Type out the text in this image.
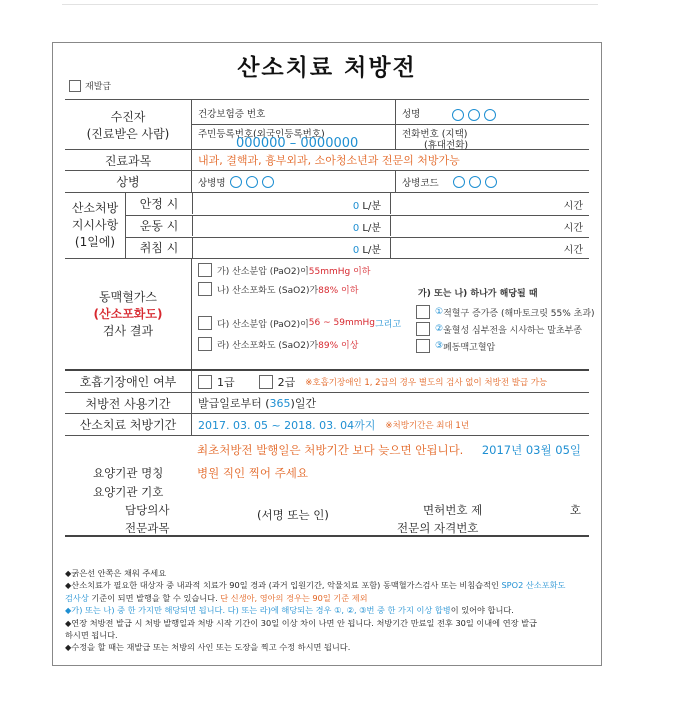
산소치료 처방전
재발급
수진자
(진료받은 사람)
건강보험증 번호
주민등록번호(외국인등록번호)
000000 – 0000000
성명
전화번호 (지택)
(휴대전화)
진료과목	내과, 결핵과, 흉부외과, 소아청소년과 전문의 처방가능
상병	상병명	상병코드
산소처방
지시사항
(1일에)
안정 시	0 L/분	시간
운동 시	0 L/분	시간
취침 시	0 L/분	시간
동맥혈가스
(산소포화도)
검사 결과
가) 산소분압 (PaO2)이 55mmHg 이하
나) 산소포화도 (SaO2)가 88% 이하	가) 또는 나) 하나가 해당될 때
다) 산소분압 (PaO2)이 56 ~ 59mmHg 그리고
라) 산소포화도 (SaO2)가 89% 이상
① 적혈구 증가증 (해마토크릿 55% 초과)
② 울혈성 심부전을 시사하는 말초부종
③ 폐동맥고혈압
호흡기장애인 여부	1급	2급 ※호흡기장애인 1, 2급의 경우 별도의 검사 없이 처방전 발급 가능
처방전 사용기간	발급일로부터 ( 365 )일간
산소치료 처방기간	2017. 03. 05 ~ 2018. 03. 04까지 ※처방기간은 최대 1년
최초처방전 발행일은 처방기간 보다 늦으면 안됩니다. 2017년 03월 05일
병원 직인 찍어 주세요
요양기관 명칭
요양기관 기호
담당의사
전문과목
(서명 또는 인)	면허번호 제	호
전문의 자격번호
◆굵은선 안쪽은 채워 주세요
◆산소치료가 필요한 대상자 중 내과적 치료가 90일 경과 (과거 입원기간, 악물치료 포함) 동맥혈가스검사 또는 비침습적인 SPO2 산소포화도
검사상 기준이 되면 발행을 할 수 있습니다. 단 신생아, 영아의 경우는 90일 기준 제외
◆가) 또는 나) 중 한 가지만 해당되면 됩니다. 다) 또는 라)에 해당되는 경우 ①, ②, ③번 중 한 가지 이상 합병이 있어야 합니다.
◆연장 처방전 발급 시 처방 발행일과 처방 시작 기간이 30일 이상 차이 나면 안 됩니다. 처방기간 만료일 전후 30일 이내에 연장 발급
하시면 됩니다.
◆수정을 할 때는 재발급 또는 처방의 사인 또는 도장을 찍고 수정 하시면 됩니다.
